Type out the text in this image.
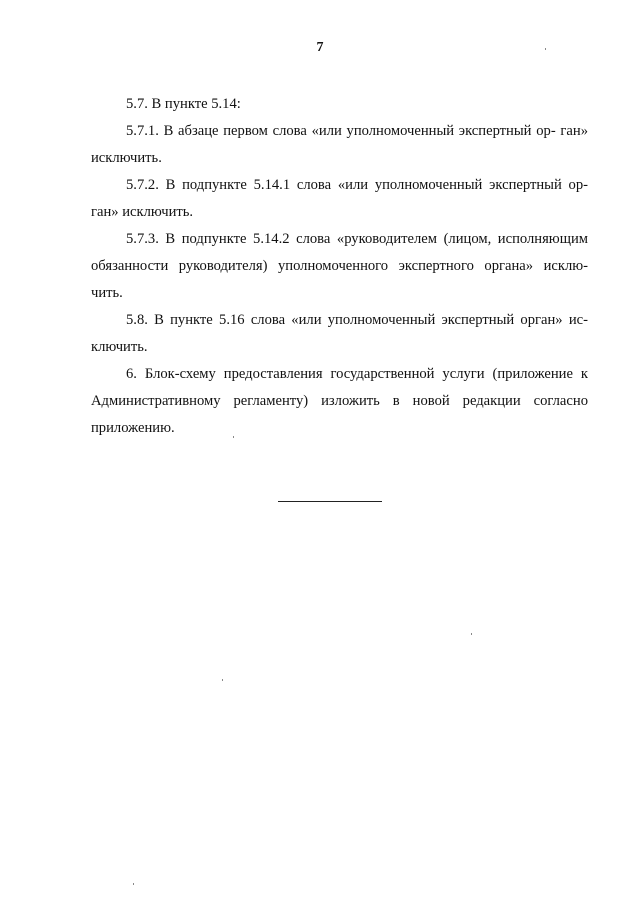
7

5.7. В пункте 5.14:

5.7.1. В абзаце первом слова «или уполномоченный экспертный ор- ган» исключить.

5.7.2. В подпункте 5.14.1 слова «или уполномоченный экспертный ор- ган» исключить.

5.7.3. В подпункте 5.14.2 слова «руководителем (лицом, исполняющим обязанности руководителя) уполномоченного экспертного органа» исклю- чить.

5.8. В пункте 5.16 слова «или уполномоченный экспертный орган» ис- ключить.

6. Блок-схему предоставления государственной услуги (приложение к Административному регламенту) изложить в новой редакции согласно приложению.
